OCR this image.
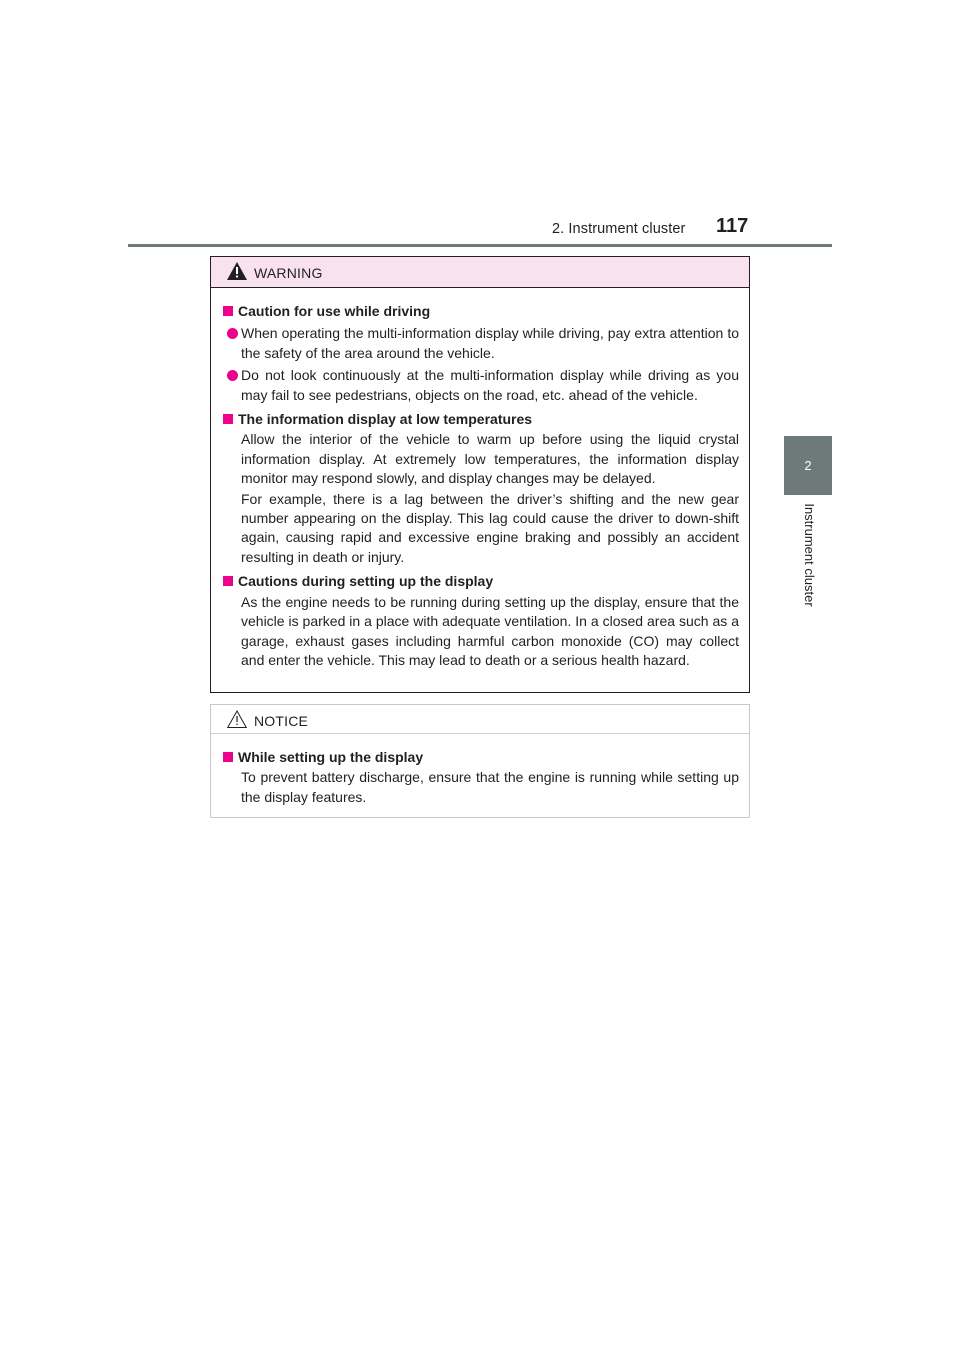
2. Instrument cluster 117
2
Instrument cluster
WARNING
Caution for use while driving
When operating the multi-information display while driving, pay extra attention to the safety of the area around the vehicle.
Do not look continuously at the multi-information display while driving as you may fail to see pedestrians, objects on the road, etc. ahead of the vehicle.
The information display at low temperatures
Allow the interior of the vehicle to warm up before using the liquid crystal information display. At extremely low temperatures, the information display monitor may respond slowly, and display changes may be delayed.
For example, there is a lag between the driver’s shifting and the new gear number appearing on the display. This lag could cause the driver to down-shift again, causing rapid and excessive engine braking and possibly an accident resulting in death or injury.
Cautions during setting up the display
As the engine needs to be running during setting up the display, ensure that the vehicle is parked in a place with adequate ventilation. In a closed area such as a garage, exhaust gases including harmful carbon monoxide (CO) may collect and enter the vehicle. This may lead to death or a serious health hazard.
NOTICE
While setting up the display
To prevent battery discharge, ensure that the engine is running while setting up the display features.
